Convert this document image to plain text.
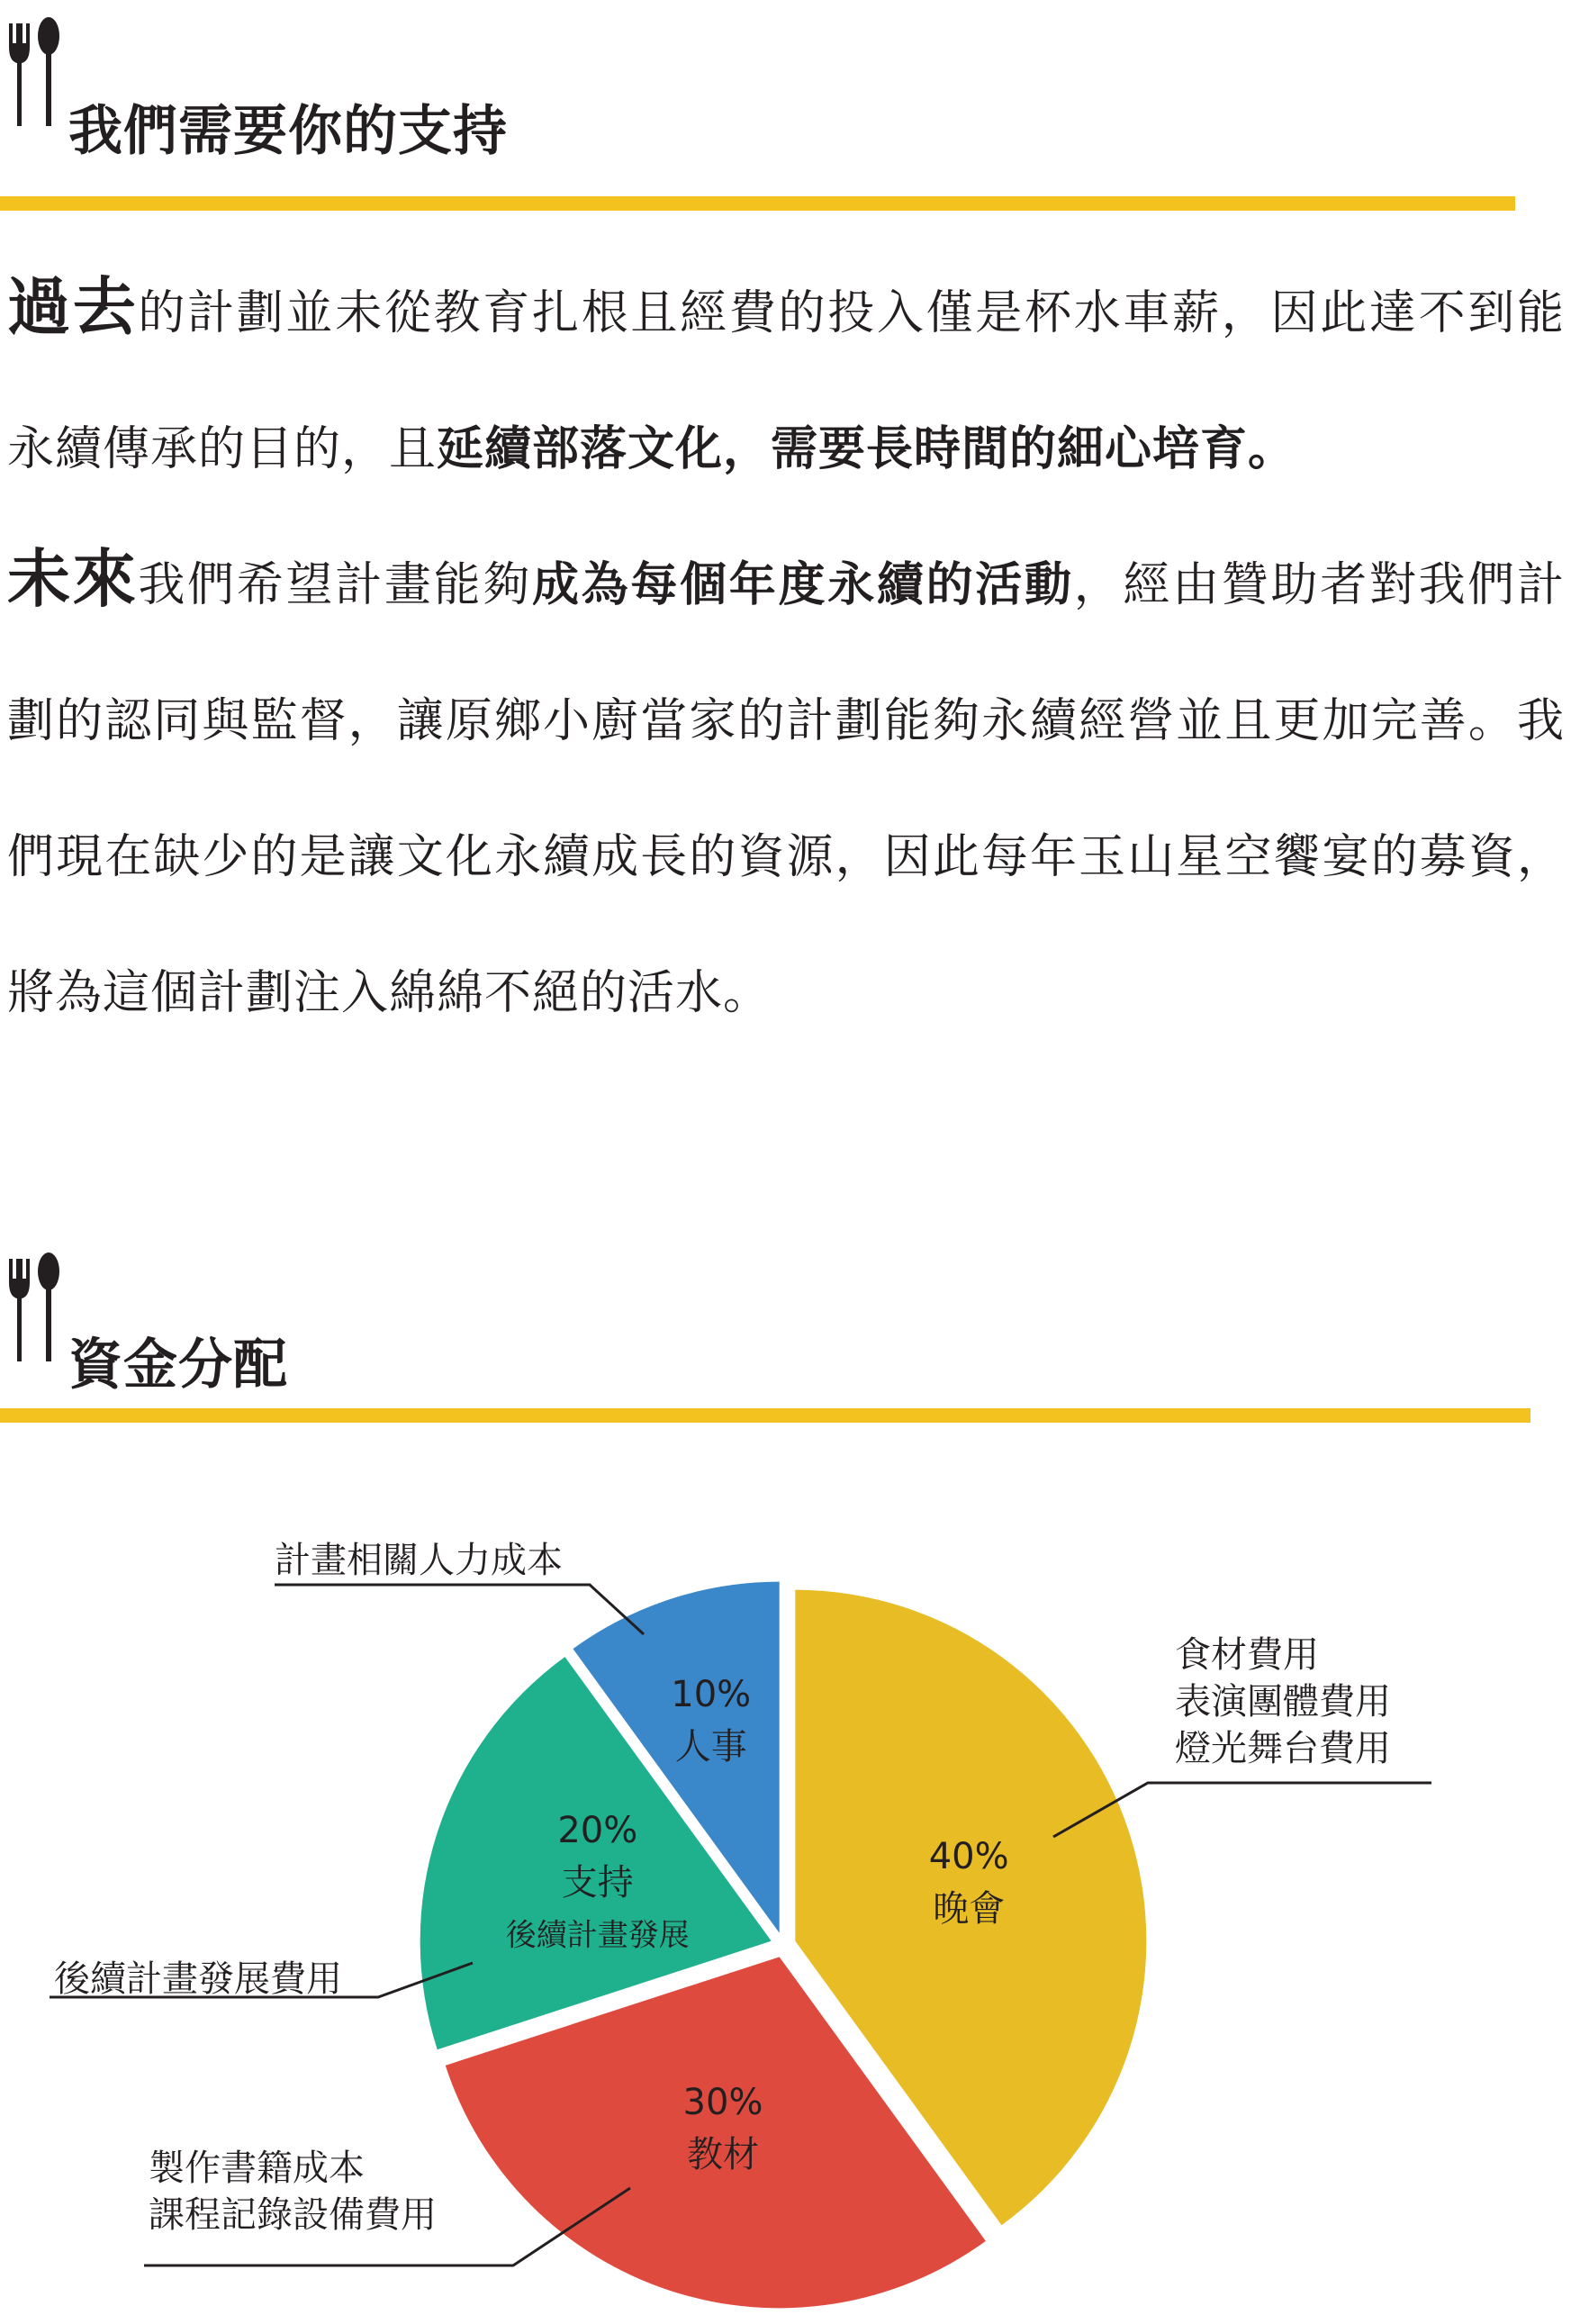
我們需要你的支持

過去的計劃並未從教育扎根且經費的投入僅是杯水車薪，因此達不到能永續傳承的目的，且延續部落文化，需要長時間的細心培育。

未來我們希望計畫能夠成為每個年度永續的活動，經由贊助者對我們計劃的認同與監督，讓原鄉小廚當家的計劃能夠永續經營並且更加完善。我們現在缺少的是讓文化永續成長的資源，因此每年玉山星空饗宴的募資，將為這個計劃注入綿綿不絕的活水。

資金分配
40%
晚會
食材費用
表演團體費用
燈光舞台費用
30%
教材
製作書籍成本
課程記錄設備費用
20%
支持
後續計畫發展
後續計畫發展費用
10%
人事
計畫相關人力成本
